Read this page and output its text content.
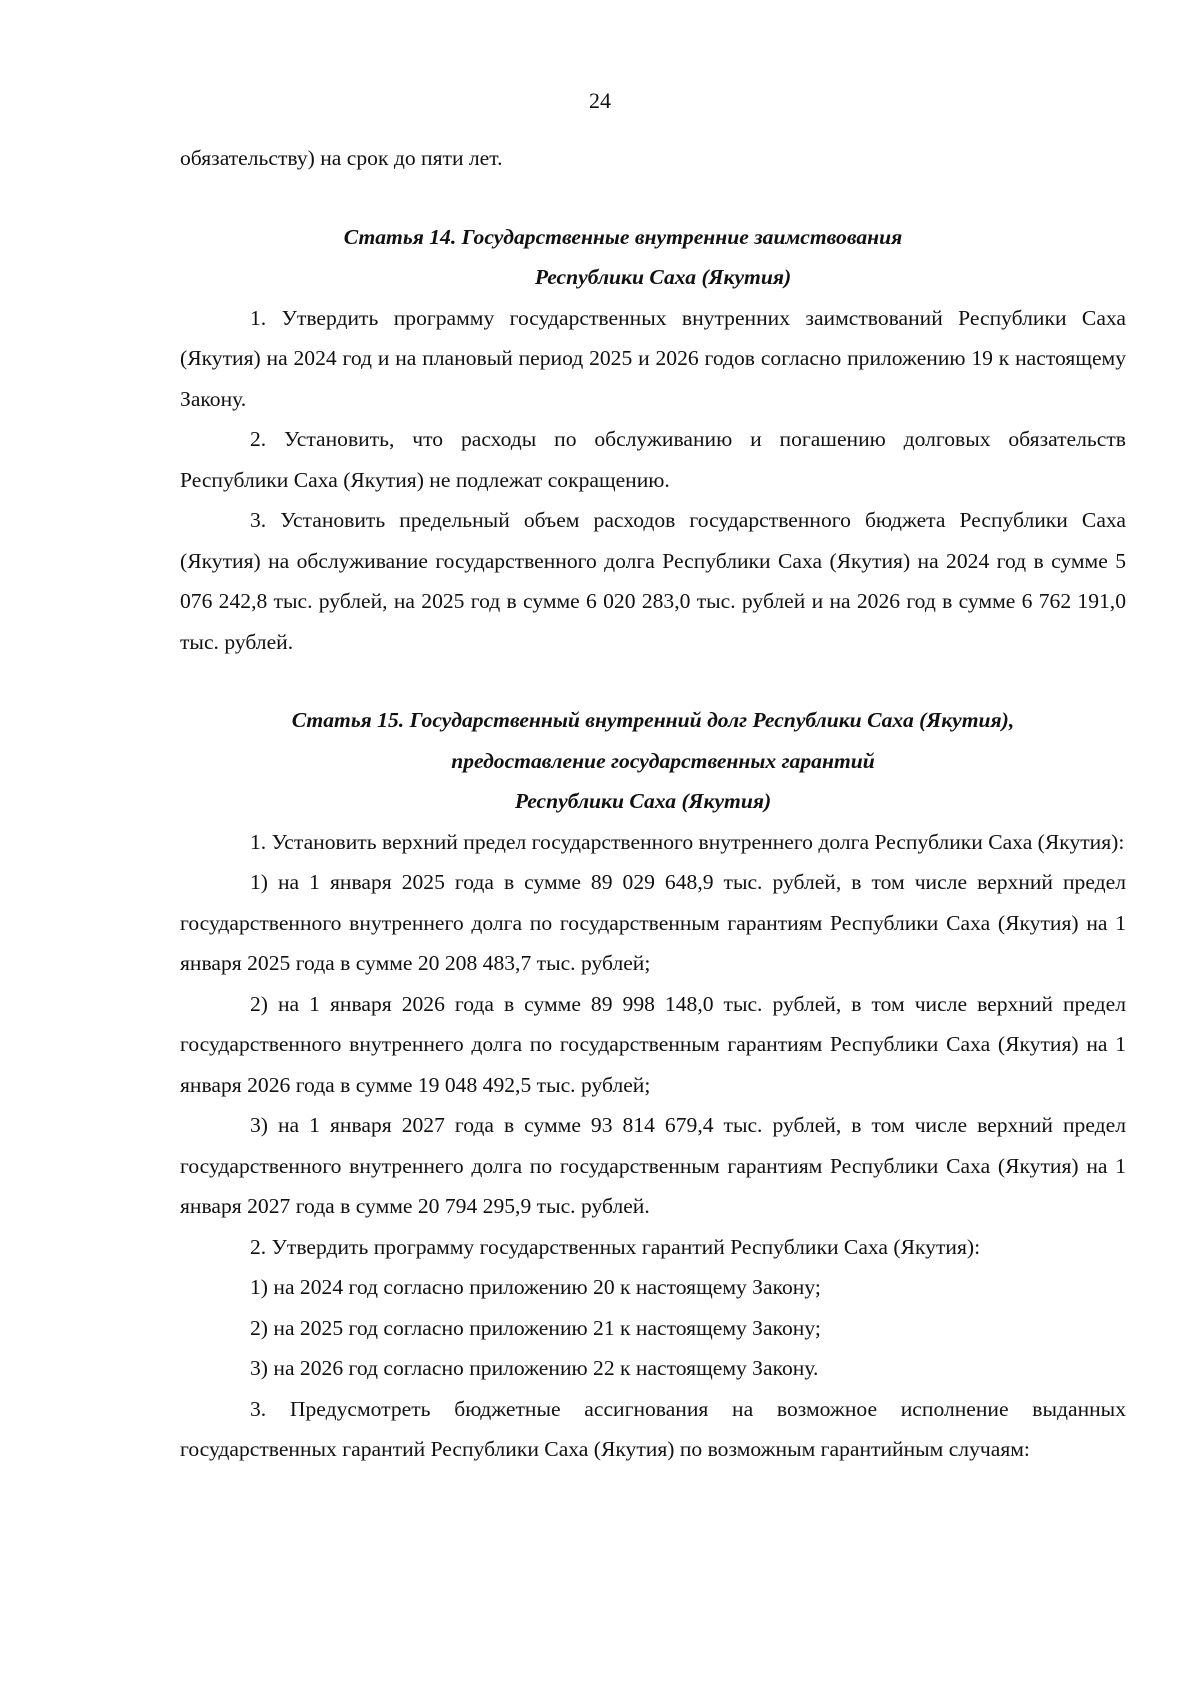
24

обязательству) на срок до пяти лет.

Статья 14. Государственные внутренние заимствования
Республики Саха (Якутия)

1. Утвердить программу государственных внутренних заимствований Республики Саха (Якутия) на 2024 год и на плановый период 2025 и 2026 годов согласно приложению 19 к настоящему Закону.

2. Установить, что расходы по обслуживанию и погашению долговых обязательств Республики Саха (Якутия) не подлежат сокращению.

3. Установить предельный объем расходов государственного бюджета Республики Саха (Якутия) на обслуживание государственного долга Республики Саха (Якутия) на 2024 год в сумме 5 076 242,8 тыс. рублей, на 2025 год в сумме 6 020 283,0 тыс. рублей и на 2026 год в сумме 6 762 191,0 тыс. рублей.

Статья 15. Государственный внутренний долг Республики Саха (Якутия),
предоставление государственных гарантий
Республики Саха (Якутия)

1. Установить верхний предел государственного внутреннего долга Республики Саха (Якутия):

1) на 1 января 2025 года в сумме 89 029 648,9 тыс. рублей, в том числе верхний предел государственного внутреннего долга по государственным гарантиям Республики Саха (Якутия) на 1 января 2025 года в сумме 20 208 483,7 тыс. рублей;

2) на 1 января 2026 года в сумме 89 998 148,0 тыс. рублей, в том числе верхний предел государственного внутреннего долга по государственным гарантиям Республики Саха (Якутия) на 1 января 2026 года в сумме 19 048 492,5 тыс. рублей;

3) на 1 января 2027 года в сумме 93 814 679,4 тыс. рублей, в том числе верхний предел государственного внутреннего долга по государственным гарантиям Республики Саха (Якутия) на 1 января 2027 года в сумме 20 794 295,9 тыс. рублей.

2. Утвердить программу государственных гарантий Республики Саха (Якутия):

1) на 2024 год согласно приложению 20 к настоящему Закону;

2) на 2025 год согласно приложению 21 к настоящему Закону;

3) на 2026 год согласно приложению 22 к настоящему Закону.

3. Предусмотреть бюджетные ассигнования на возможное исполнение выданных государственных гарантий Республики Саха (Якутия) по возможным гарантийным случаям:
